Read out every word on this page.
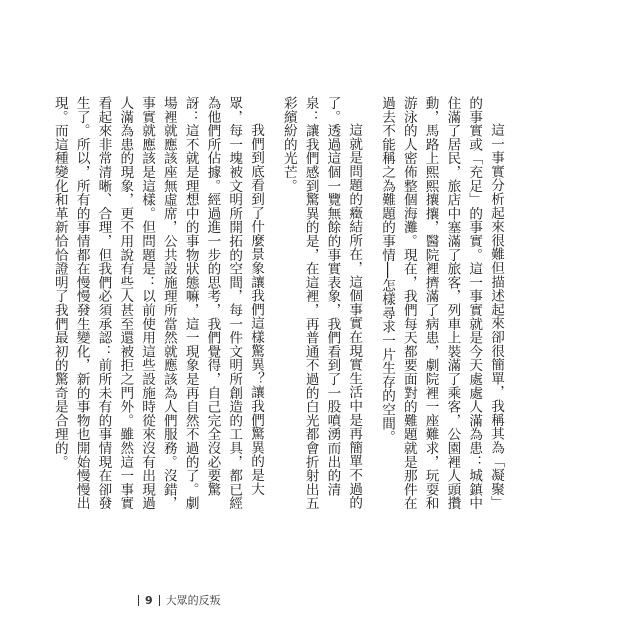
這一事實分析起來很難但描述起來卻很簡單，我稱其為「凝聚」的事實或「充足」的事實。這一事實就是今天處處人滿為患：城鎮中住滿了居民，旅店中塞滿了旅客，列車上裝滿了乘客，公園裡人頭攢動，馬路上熙熙攘攘，醫院裡擠滿了病患，劇院裡一座難求，玩耍和游泳的人密佈整個海灘。現在，我們每天都要面對的難題就是那件在過去不能稱之為難題的事情──怎樣尋求一片生存的空間。

這就是問題的癥結所在，這個事實在現實生活中是再簡單不過的了。透過這個一覽無餘的事實表象，我們看到了一股噴湧而出的清泉：讓我們感到驚異的是，在這裡，再普通不過的白光都會折射出五彩繽紛的光芒。

我們到底看到了什麼景象讓我們這樣驚異？讓我們驚異的是大眾，每一塊被文明所開拓的空間，每一件文明所創造的工具，都已經為他們所佔據。經過進一步的思考，我們覺得，自己完全沒必要驚訝：這不就是理想中的事物狀態嘛，這一現象是再自然不過的了。劇場裡就應該座無虛席，公共設施理所當然就應該為人們服務。沒錯，事實就應該是這樣。但問題是：以前使用這些設施時從來沒有出現過人滿為患的現象，更不用說有些人甚至還被拒之門外。雖然這一事實看起來非常清晰、合理，但我們必須承認：前所未有的事情現在卻發生了。所以，所有的事情都在慢慢發生變化，新的事物也開始慢慢出現。而這種變化和革新恰恰證明了我們最初的驚奇是合理的。

9 大眾的反叛
